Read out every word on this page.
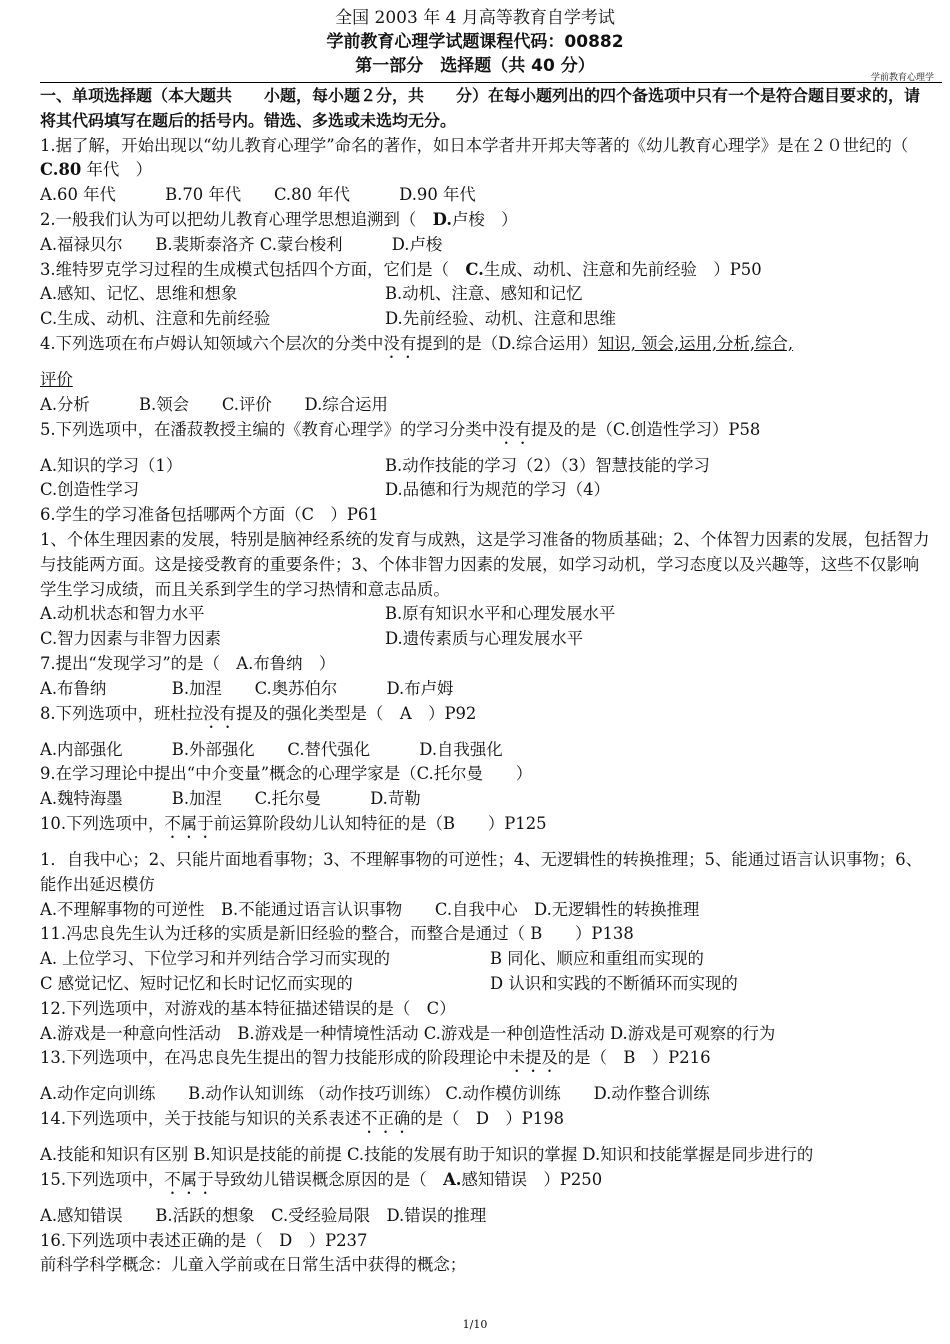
全国 2003 年 4 月高等教育自学考试
学前教育心理学试题课程代码：00882
第一部分　选择题（共 40 分）
学前教育心理学
一、单项选择题（本大题共　　小题，每小题２分，共　　分）在每小题列出的四个备选项中只有一个是符合题目要求的，请将其代码填写在题后的括号内。错选、多选或未选均无分。
1.据了解，开始出现以“幼儿教育心理学”命名的著作，如日本学者井开邦夫等著的《幼儿教育心理学》是在２０世纪的（　C.80 年代　）
A.60 年代　　　B.70 年代　　C.80 年代　　　D.90 年代
2.一般我们认为可以把幼儿教育心理学思想追溯到（　D.卢梭　）
A.福禄贝尔　　B.裴斯泰洛齐 C.蒙台梭利　　　D.卢梭
3.维特罗克学习过程的生成模式包括四个方面，它们是（　C.生成、动机、注意和先前经验　）P50
A.感知、记忆、思维和想象	B.动机、注意、感知和记忆
C.生成、动机、注意和先前经验	D.先前经验、动机、注意和思维
4.下列选项在布卢姆认知领域六个层次的分类中没有提到的是（D.综合运用）知识, 领会,运用,分析,综合,
评价
A.分析　　　B.领会　　C.评价　　D.综合运用
5.下列选项中，在潘菽教授主编的《教育心理学》的学习分类中没有提及的是（C.创造性学习）P58
A.知识的学习（1）	B.动作技能的学习（2）（3）智慧技能的学习
C.创造性学习	D.品德和行为规范的学习（4）
6.学生的学习准备包括哪两个方面（C　）P61
1、个体生理因素的发展，特别是脑神经系统的发育与成熟，这是学习准备的物质基础；2、个体智力因素的发展，包括智力与技能两方面。这是接受教育的重要条件；3、个体非智力因素的发展，如学习动机，学习态度以及兴趣等，这些不仅影响学生学习成绩，而且关系到学生的学习热情和意志品质。
A.动机状态和智力水平	B.原有知识水平和心理发展水平
C.智力因素与非智力因素	D.遗传素质与心理发展水平
7.提出“发现学习”的是（　A.布鲁纳　）
A.布鲁纳　　　　B.加涅　　C.奥苏伯尔　　　D.布卢姆
8.下列选项中，班杜拉没有提及的强化类型是（　A　）P92
A.内部强化　　　B.外部强化　　C.替代强化　　　D.自我强化
9.在学习理论中提出“中介变量”概念的心理学家是（C.托尔曼　　）
A.魏特海墨　　　B.加涅　　C.托尔曼　　　D.苛勒
10.下列选项中，不属于前运算阶段幼儿认知特征的是（B　　）P125
1．自我中心；2、只能片面地看事物；3、不理解事物的可逆性；4、无逻辑性的转换推理；5、能通过语言认识事物；6、能作出延迟模仿
A.不理解事物的可逆性　B.不能通过语言认识事物　　C.自我中心　D.无逻辑性的转换推理
11.冯忠良先生认为迁移的实质是新旧经验的整合，而整合是通过（ B　　）P138
A. 上位学习、下位学习和并列结合学习而实现的	B 同化、顺应和重组而实现的
C 感觉记忆、短时记忆和长时记忆而实现的	D 认识和实践的不断循环而实现的
12.下列选项中，对游戏的基本特征描述错误的是（　C）
A.游戏是一种意向性活动　B.游戏是一种情境性活动 C.游戏是一种创造性活动 D.游戏是可观察的行为
13.下列选项中，在冯忠良先生提出的智力技能形成的阶段理论中未提及的是（　B　）P216
A.动作定向训练　　B.动作认知训练 （动作技巧训练） C.动作模仿训练　　D.动作整合训练
14.下列选项中，关于技能与知识的关系表述不正确的是（　D　）P198
A.技能和知识有区别 B.知识是技能的前提 C.技能的发展有助于知识的掌握 D.知识和技能掌握是同步进行的
15.下列选项中，不属于导致幼儿错误概念原因的是（　A.感知错误　）P250
A.感知错误　　B.活跃的想象　C.受经验局限　D.错误的推理
16.下列选项中表述正确的是（　D　）P237
前科学科学概念：儿童入学前或在日常生活中获得的概念；
1/10
